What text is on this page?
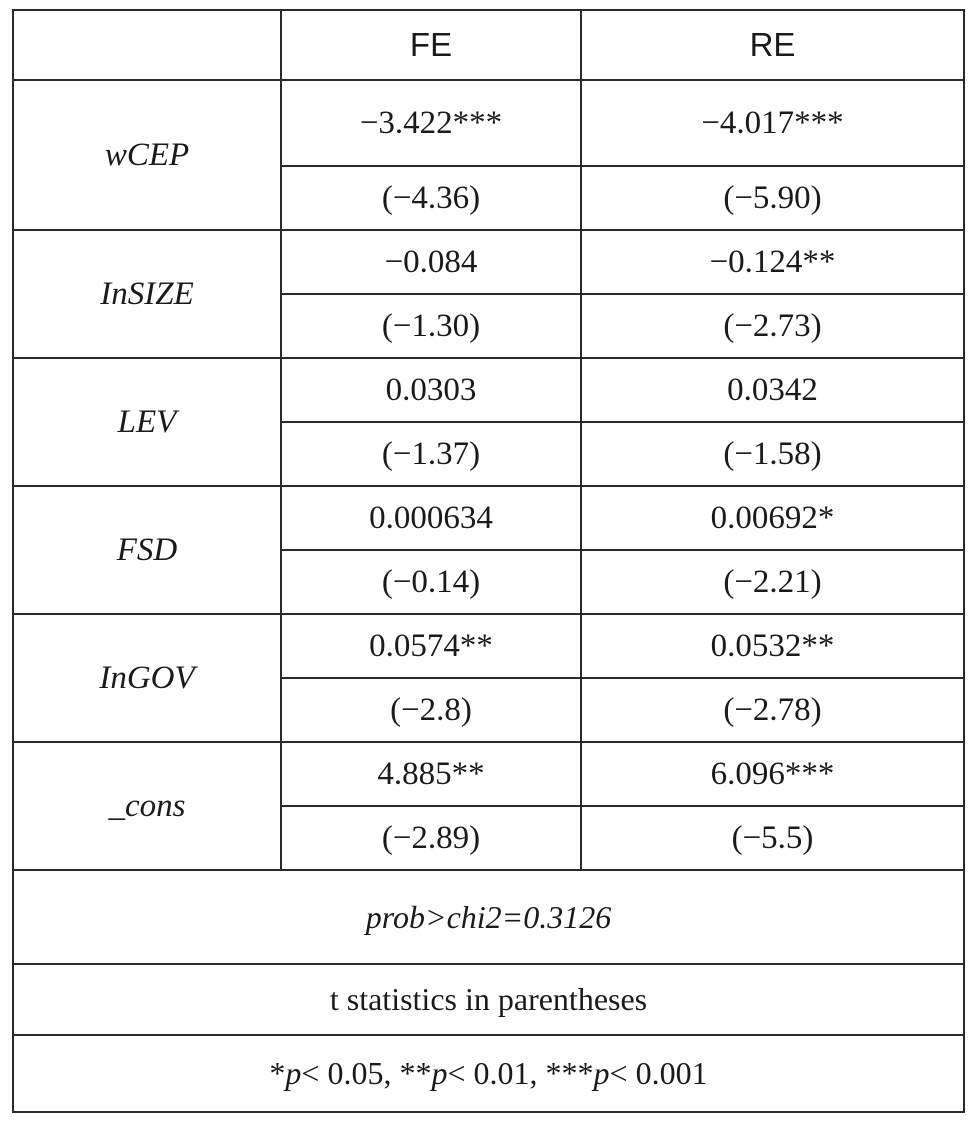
	FE	RE
wCEP	−3.422***	−4.017***
	(−4.36)	(−5.90)
InSIZE	−0.084	−0.124**
	(−1.30)	(−2.73)
LEV	0.0303	0.0342
	(−1.37)	(−1.58)
FSD	0.000634	0.00692*
	(−0.14)	(−2.21)
InGOV	0.0574**	0.0532**
	(−2.8)	(−2.78)
_cons	4.885**	6.096***
	(−2.89)	(−5.5)
prob>chi2=0.3126		
t statistics in parentheses		
*p< 0.05, **p< 0.01, ***p< 0.001		
